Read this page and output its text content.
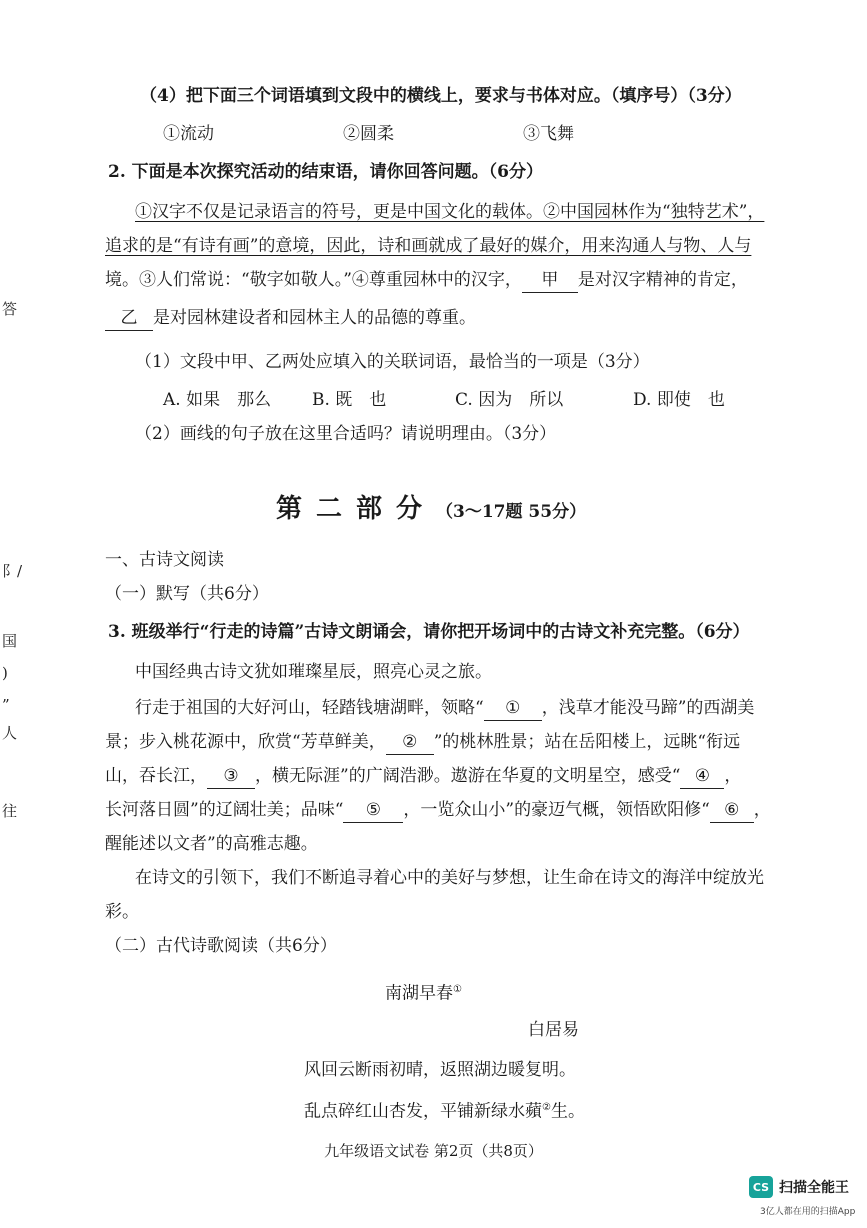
答
阝/
国
)
”
人
往
（4）把下面三个词语填到文段中的横线上，要求与书体对应。（填序号）（3分）
①流动	②圆柔	③飞舞
2. 下面是本次探究活动的结束语，请你回答问题。（6分）
①汉字不仅是记录语言的符号，更是中国文化的载体。②中国园林作为“独特艺术”，
追求的是“有诗有画”的意境，因此，诗和画就成了最好的媒介，用来沟通人与物、人与
境。③人们常说：“敬字如敬人。”④尊重园林中的汉字， 甲 是对汉字精神的肯定，
乙 是对园林建设者和园林主人的品德的尊重。
（1）文段中甲、乙两处应填入的关联词语，最恰当的一项是（3分）
A. 如果　那么 B. 既　也	C. 因为　所以	D. 即使　也
（2）画线的句子放在这里合适吗？请说明理由。（3分）
第二部分（3～17题 55分）
一、古诗文阅读
（一）默写（共6分）
3. 班级举行“行走的诗篇”古诗文朗诵会，请你把开场词中的古诗文补充完整。（6分）
中国经典古诗文犹如璀璨星辰，照亮心灵之旅。
行走于祖国的大好河山，轻踏钱塘湖畔，领略“ ① ，浅草才能没马蹄”的西湖美
景；步入桃花源中，欣赏“芳草鲜美， ② ”的桃林胜景；站在岳阳楼上，远眺“衔远
山，吞长江， ③ ，横无际涯”的广阔浩渺。遨游在华夏的文明星空，感受“ ④ ，
长河落日圆”的辽阔壮美；品味“ ⑤ ，一览众山小”的豪迈气概，领悟欧阳修“ ⑥ ，
醒能述以文者”的高雅志趣。
在诗文的引领下，我们不断追寻着心中的美好与梦想，让生命在诗文的海洋中绽放光
彩。
（二）古代诗歌阅读（共6分）
南湖早春①
白居易
风回云断雨初晴，返照湖边暖复明。
乱点碎红山杏发，平铺新绿水蘋②生。
九年级语文试卷 第2页（共8页）
CS 扫描全能王
3亿人都在用的扫描App
